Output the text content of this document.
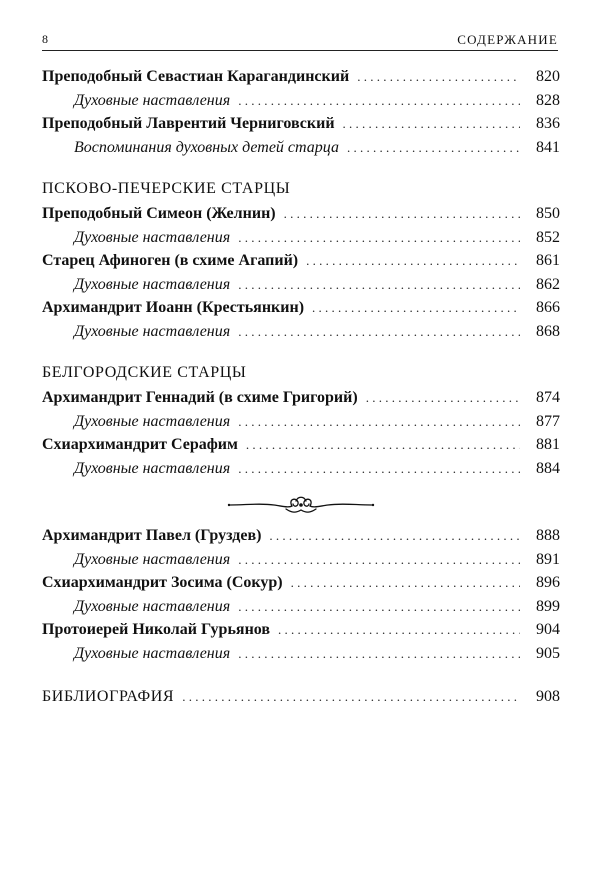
8	СОДЕРЖАНИЕ
Преподобный Севастиан Карагандинский . . .	820
Духовные наставления . . .	828
Преподобный Лаврентий Черниговский . . .	836
Воспоминания духовных детей старца . . .	841
ПСКОВО-ПЕЧЕРСКИЕ СТАРЦЫ
Преподобный Симеон (Желнин) . . .	850
Духовные наставления . . .	852
Старец Афиноген (в схиме Агапий) . . .	861
Духовные наставления . . .	862
Архимандрит Иоанн (Крестьянкин) . . .	866
Духовные наставления . . .	868
БЕЛГОРОДСКИЕ СТАРЦЫ
Архимандрит Геннадий (в схиме Григорий) . . .	874
Духовные наставления . . .	877
Схиархимандрит Серафим . . .	881
Духовные наставления . . .	884
Архимандрит Павел (Груздев) . . .	888
Духовные наставления . . .	891
Схиархимандрит Зосима (Сокур) . . .	896
Духовные наставления . . .	899
Протоиерей Николай Гурьянов . . .	904
Духовные наставления . . .	905
БИБЛИОГРАФИЯ . . .	908
